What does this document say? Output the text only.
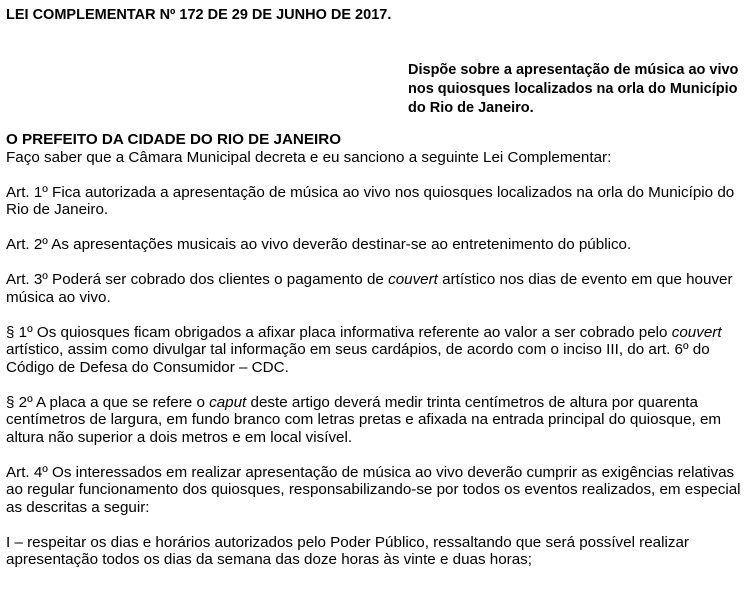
LEI COMPLEMENTAR Nº 172 DE 29 DE JUNHO DE 2017.

Dispõe sobre a apresentação de música ao vivo nos quiosques localizados na orla do Município do Rio de Janeiro.

O PREFEITO DA CIDADE DO RIO DE JANEIRO

Faço saber que a Câmara Municipal decreta e eu sanciono a seguinte Lei Complementar:

Art. 1º Fica autorizada a apresentação de música ao vivo nos quiosques localizados na orla do Município do Rio de Janeiro.

Art. 2º As apresentações musicais ao vivo deverão destinar-se ao entretenimento do público.

Art. 3º Poderá ser cobrado dos clientes o pagamento de couvert artístico nos dias de evento em que houver música ao vivo.

§ 1º Os quiosques ficam obrigados a afixar placa informativa referente ao valor a ser cobrado pelo couvert artístico, assim como divulgar tal informação em seus cardápios, de acordo com o inciso III, do art. 6º do Código de Defesa do Consumidor – CDC.

§ 2º A placa a que se refere o caput deste artigo deverá medir trinta centímetros de altura por quarenta centímetros de largura, em fundo branco com letras pretas e afixada na entrada principal do quiosque, em altura não superior a dois metros e em local visível.

Art. 4º Os interessados em realizar apresentação de música ao vivo deverão cumprir as exigências relativas ao regular funcionamento dos quiosques, responsabilizando-se por todos os eventos realizados, em especial as descritas a seguir:

I – respeitar os dias e horários autorizados pelo Poder Público, ressaltando que será possível realizar apresentação todos os dias da semana das doze horas às vinte e duas horas;
